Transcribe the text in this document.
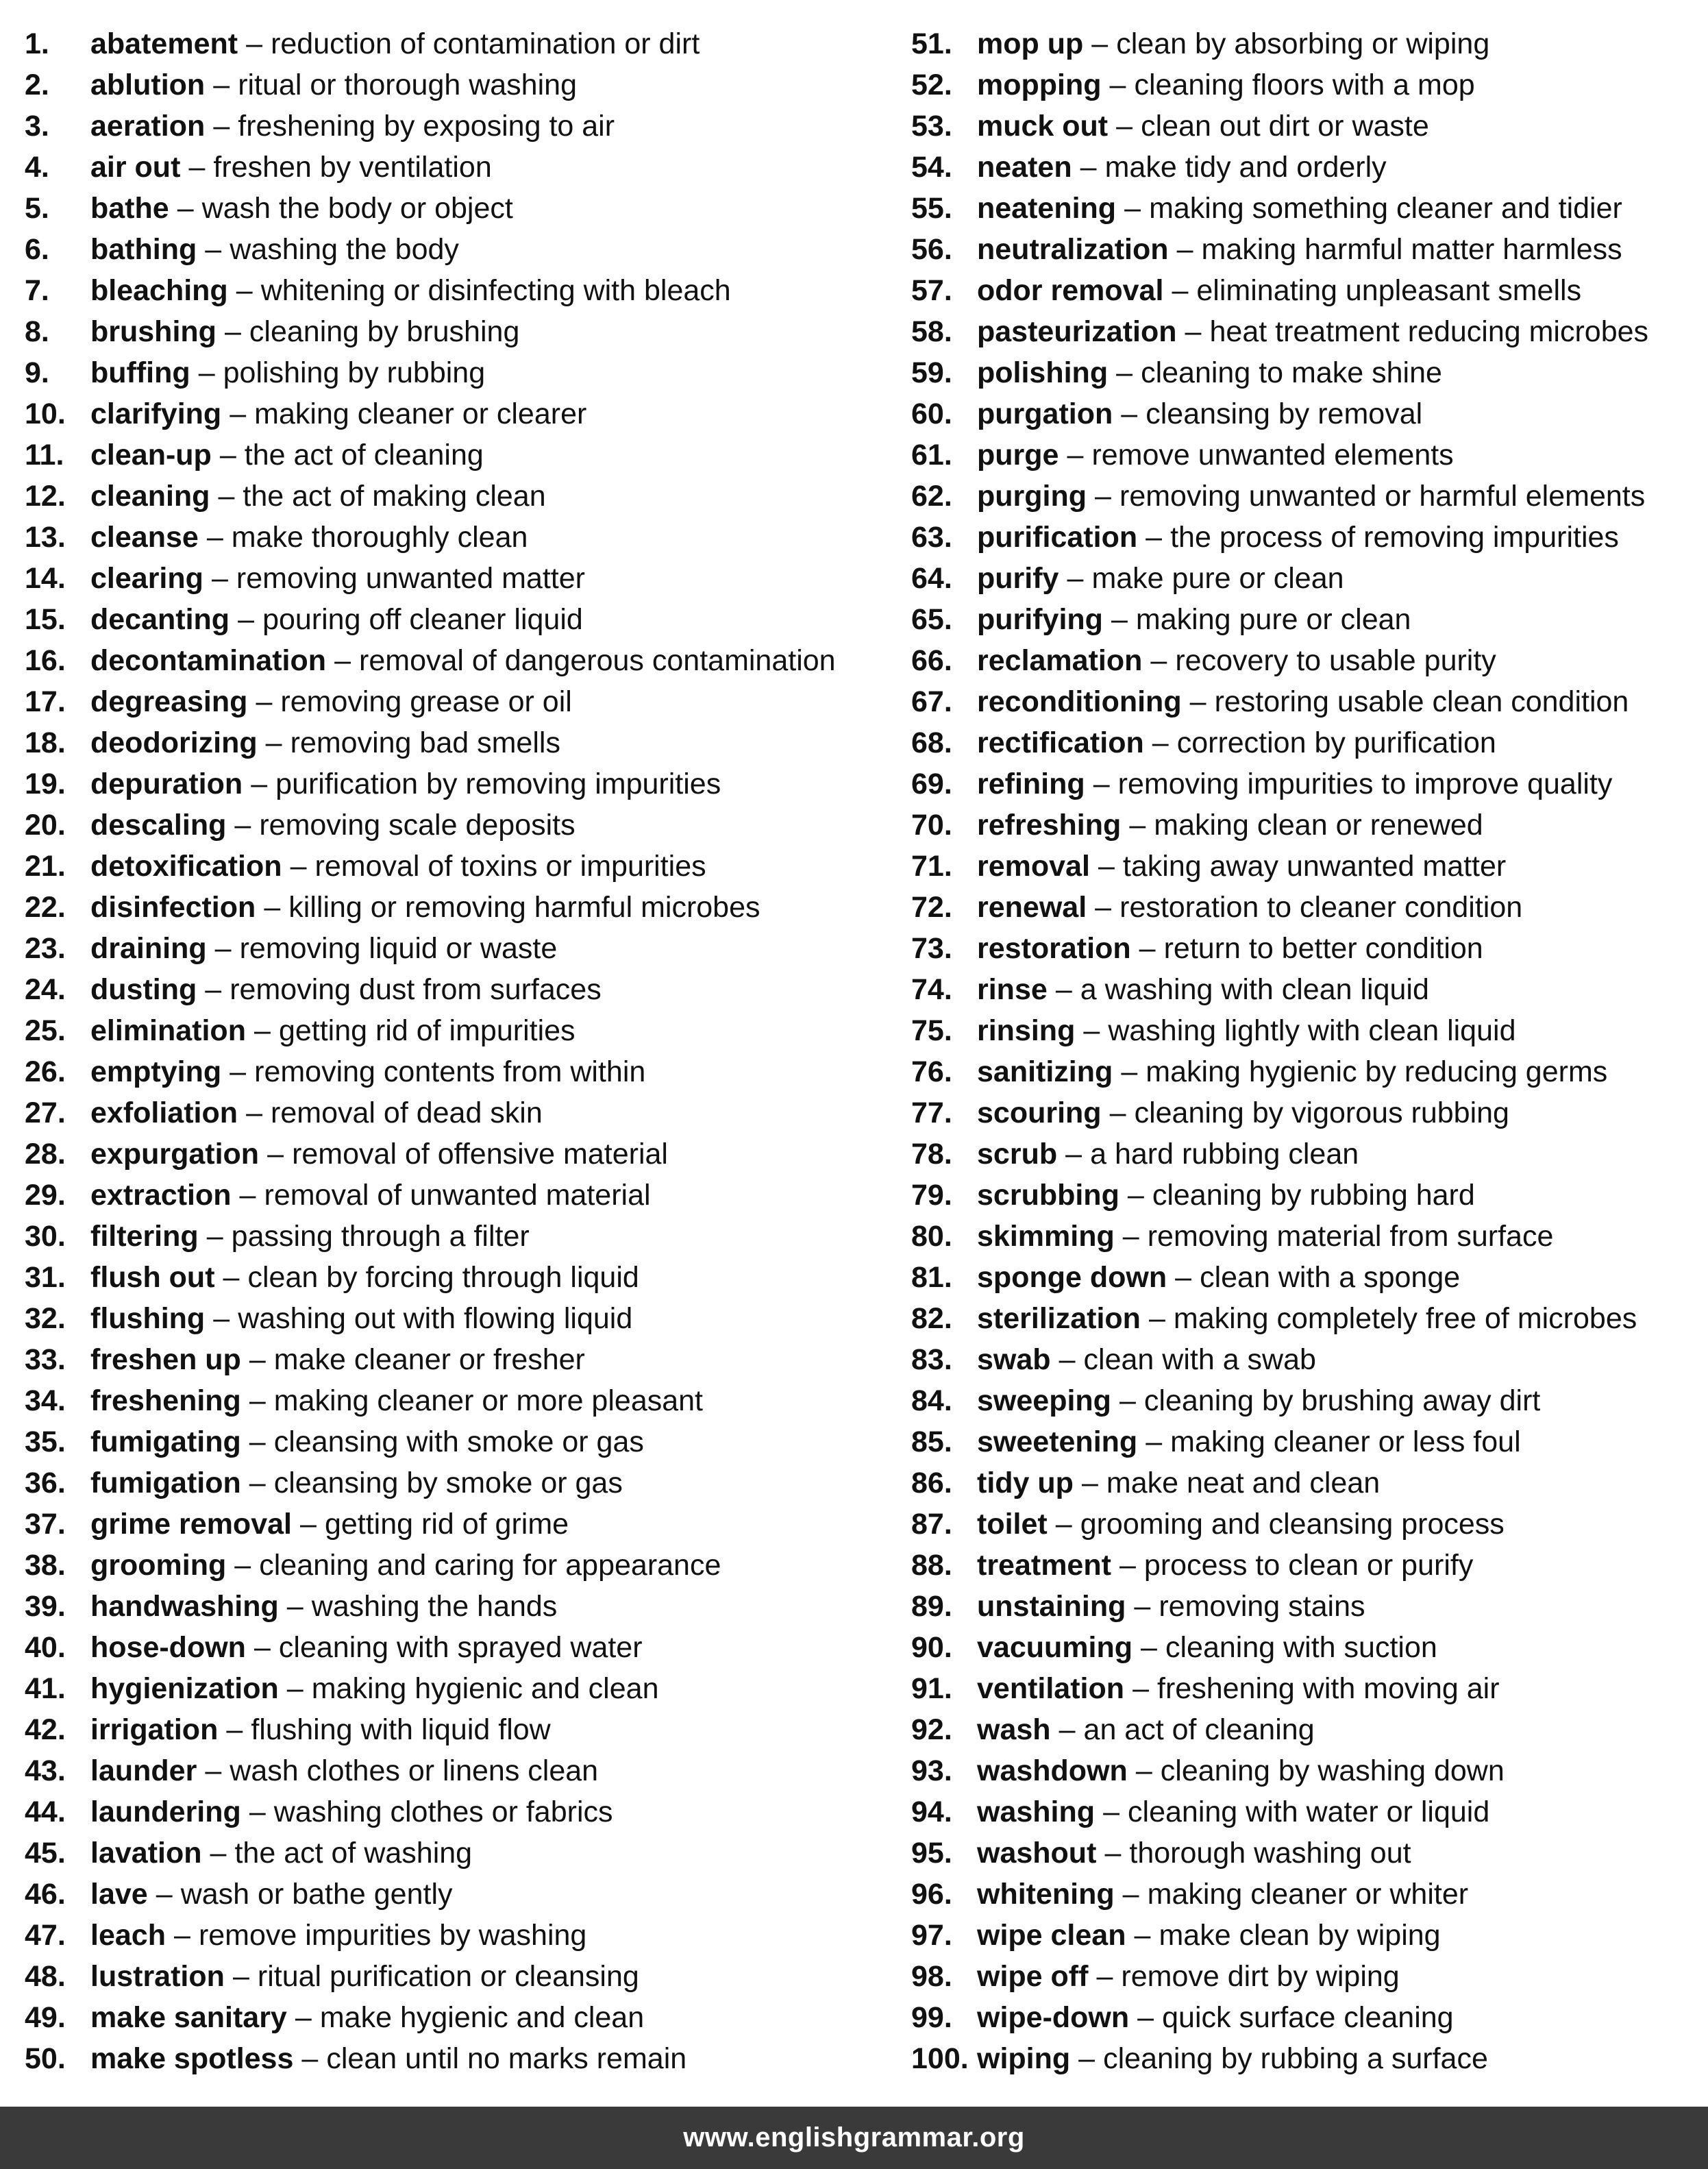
1.	abatement – reduction of contamination or dirt
2.	ablution – ritual or thorough washing
3.	aeration – freshening by exposing to air
4.	air out – freshen by ventilation
5.	bathe – wash the body or object
6.	bathing – washing the body
7.	bleaching – whitening or disinfecting with bleach
8.	brushing – cleaning by brushing
9.	buffing – polishing by rubbing
10. clarifying – making cleaner or clearer
11. clean-up – the act of cleaning
12. cleaning – the act of making clean
13. cleanse – make thoroughly clean
14. clearing – removing unwanted matter
15. decanting – pouring off cleaner liquid
16. decontamination – removal of dangerous contamination
17. degreasing – removing grease or oil
18. deodorizing – removing bad smells
19. depuration – purification by removing impurities
20. descaling – removing scale deposits
21. detoxification – removal of toxins or impurities
22. disinfection – killing or removing harmful microbes
23. draining – removing liquid or waste
24. dusting – removing dust from surfaces
25. elimination – getting rid of impurities
26. emptying – removing contents from within
27. exfoliation – removal of dead skin
28. expurgation – removal of offensive material
29. extraction – removal of unwanted material
30. filtering – passing through a filter
31. flush out – clean by forcing through liquid
32. flushing – washing out with flowing liquid
33. freshen up – make cleaner or fresher
34. freshening – making cleaner or more pleasant
35. fumigating – cleansing with smoke or gas
36. fumigation – cleansing by smoke or gas
37. grime removal – getting rid of grime
38. grooming – cleaning and caring for appearance
39. handwashing – washing the hands
40. hose-down – cleaning with sprayed water
41. hygienization – making hygienic and clean
42. irrigation – flushing with liquid flow
43. launder – wash clothes or linens clean
44. laundering – washing clothes or fabrics
45. lavation – the act of washing
46. lave – wash or bathe gently
47. leach – remove impurities by washing
48. lustration – ritual purification or cleansing
49. make sanitary – make hygienic and clean
50. make spotless – clean until no marks remain
51. mop up – clean by absorbing or wiping
52. mopping – cleaning floors with a mop
53. muck out – clean out dirt or waste
54. neaten – make tidy and orderly
55. neatening – making something cleaner and tidier
56. neutralization – making harmful matter harmless
57. odor removal – eliminating unpleasant smells
58. pasteurization – heat treatment reducing microbes
59. polishing – cleaning to make shine
60. purgation – cleansing by removal
61. purge – remove unwanted elements
62. purging – removing unwanted or harmful elements
63. purification – the process of removing impurities
64. purify – make pure or clean
65. purifying – making pure or clean
66. reclamation – recovery to usable purity
67. reconditioning – restoring usable clean condition
68. rectification – correction by purification
69. refining – removing impurities to improve quality
70. refreshing – making clean or renewed
71. removal – taking away unwanted matter
72. renewal – restoration to cleaner condition
73. restoration – return to better condition
74. rinse – a washing with clean liquid
75. rinsing – washing lightly with clean liquid
76. sanitizing – making hygienic by reducing germs
77. scouring – cleaning by vigorous rubbing
78. scrub – a hard rubbing clean
79. scrubbing – cleaning by rubbing hard
80. skimming – removing material from surface
81. sponge down – clean with a sponge
82. sterilization – making completely free of microbes
83. swab – clean with a swab
84. sweeping – cleaning by brushing away dirt
85. sweetening – making cleaner or less foul
86. tidy up – make neat and clean
87. toilet – grooming and cleansing process
88. treatment – process to clean or purify
89. unstaining – removing stains
90. vacuuming – cleaning with suction
91. ventilation – freshening with moving air
92. wash – an act of cleaning
93. washdown – cleaning by washing down
94. washing – cleaning with water or liquid
95. washout – thorough washing out
96. whitening – making cleaner or whiter
97. wipe clean – make clean by wiping
98. wipe off – remove dirt by wiping
99. wipe-down – quick surface cleaning
100. wiping – cleaning by rubbing a surface
www.englishgrammar.org
